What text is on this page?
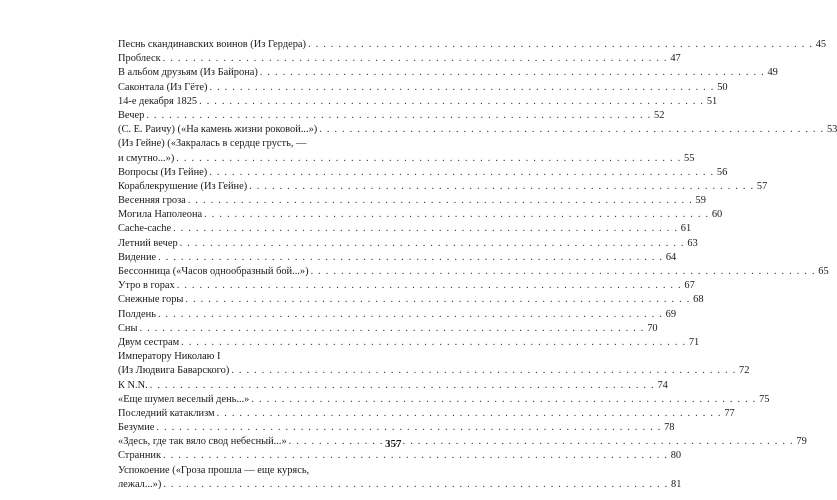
Песнь скандинавских воинов (Из Гердера) . . .	45
Проблеск . . .	47
В альбом друзьям (Из Байрона) . . .	49
Саконтала (Из Гёте) . . .	50
14-е декабря 1825 . . .	51
Вечер . . .	52
(С. Е. Раичу) («На камень жизни роковой...») . . .	53
(Из Гейне) («Закралась в сердце грусть, —
и смутно...») . . .	55
Вопросы (Из Гейне) . . .	56
Кораблекрушение (Из Гейне) . . .	57
Весенняя гроза . . .	59
Могила Наполеона . . .	60
Cache-cache . . .	61
Летний вечер . . .	63
Видение . . .	64
Бессонница («Часов однообразный бой...») . . .	65
Утро в горах . . .	67
Снежные горы . . .	68
Полдень . . .	69
Сны . . .	70
Двум сестрам . . .	71
Императору Николаю I
(Из Людвига Баварского) . . .	72
К N.N. . . .	74
«Еще шумел веселый день...» . . .	75
Последний катаклизм . . .	77
Безумие . . .	78
«Здесь, где так вяло свод небесный...» . . .	79
Странник . . .	80
Успокоение («Гроза прошла — еще курясь,
лежал...») . . .	81
357
